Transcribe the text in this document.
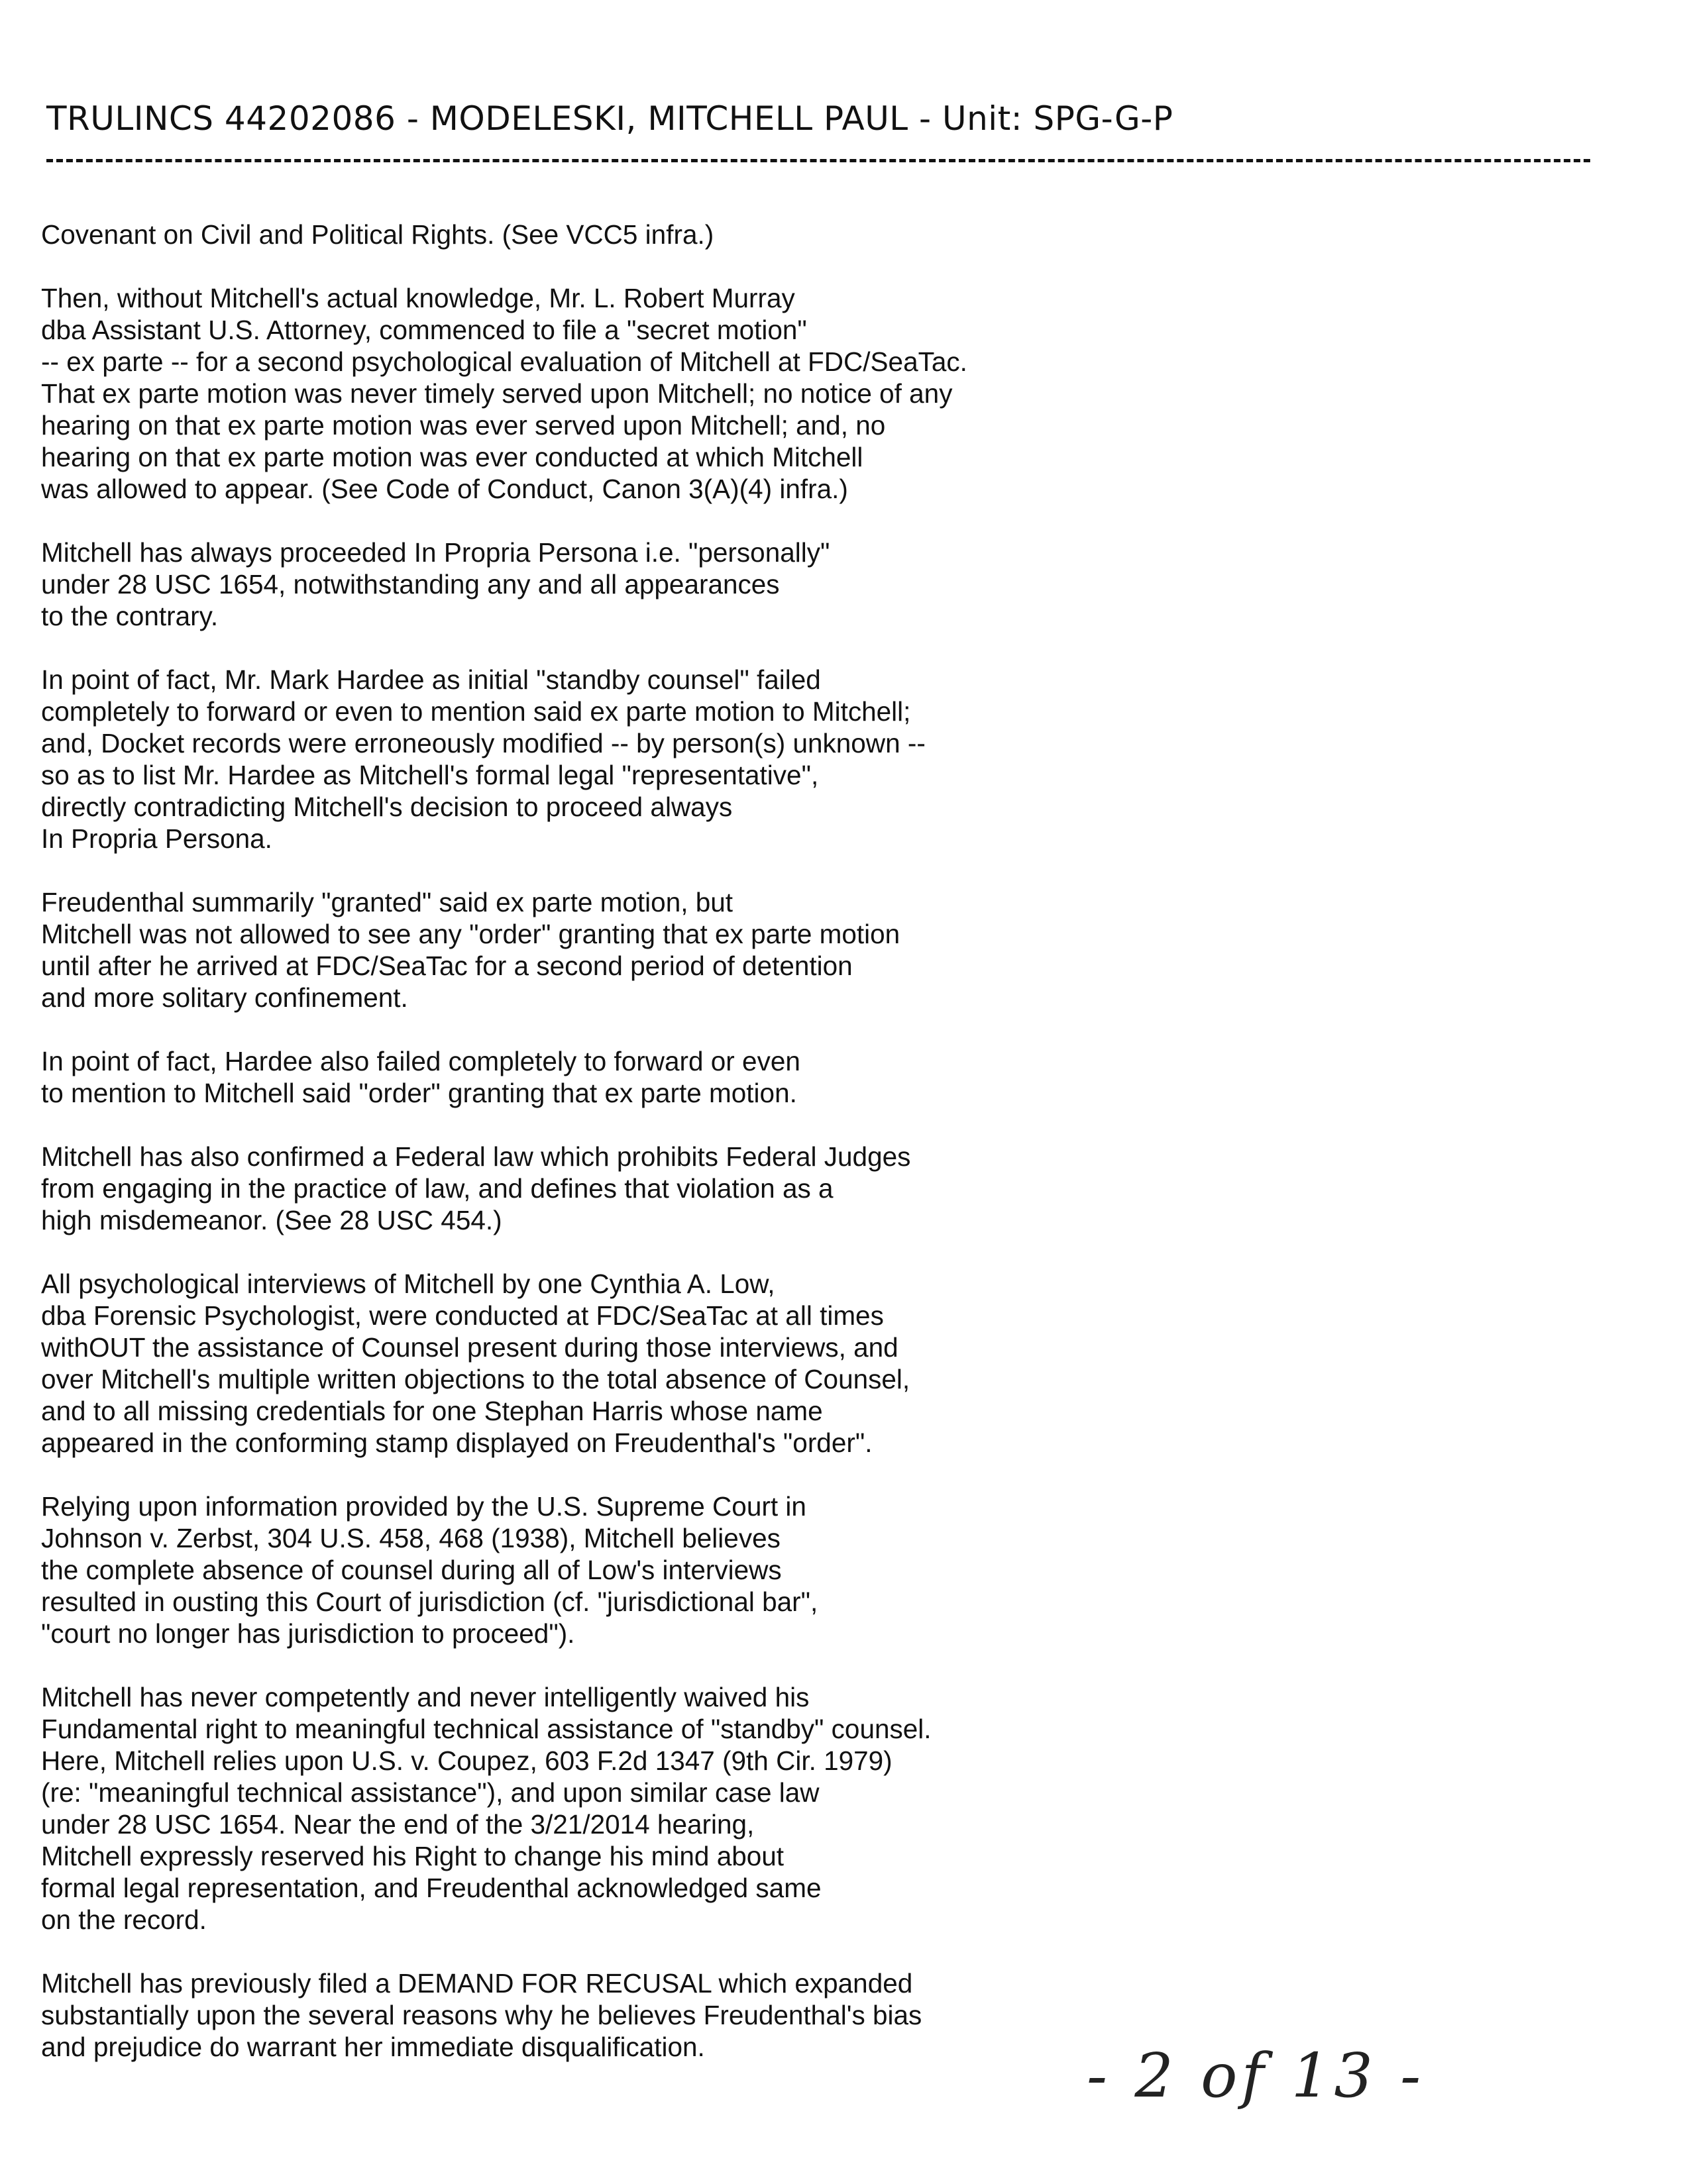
TRULINCS 44202086 - MODELESKI, MITCHELL PAUL - Unit: SPG-G-P
Covenant on Civil and Political Rights. (See VCC5 infra.)
Then, without Mitchell's actual knowledge, Mr. L. Robert Murray
dba Assistant U.S. Attorney, commenced to file a "secret motion"
-- ex parte -- for a second psychological evaluation of Mitchell at FDC/SeaTac.
That ex parte motion was never timely served upon Mitchell; no notice of any
hearing on that ex parte motion was ever served upon Mitchell; and, no
hearing on that ex parte motion was ever conducted at which Mitchell
was allowed to appear. (See Code of Conduct, Canon 3(A)(4) infra.)
Mitchell has always proceeded In Propria Persona i.e. "personally"
under 28 USC 1654, notwithstanding any and all appearances
to the contrary.
In point of fact, Mr. Mark Hardee as initial "standby counsel" failed
completely to forward or even to mention said ex parte motion to Mitchell;
and, Docket records were erroneously modified -- by person(s) unknown --
so as to list Mr. Hardee as Mitchell's formal legal "representative",
directly contradicting Mitchell's decision to proceed always
In Propria Persona.
Freudenthal summarily "granted" said ex parte motion, but
Mitchell was not allowed to see any "order" granting that ex parte motion
until after he arrived at FDC/SeaTac for a second period of detention
and more solitary confinement.
In point of fact, Hardee also failed completely to forward or even
to mention to Mitchell said "order" granting that ex parte motion.
Mitchell has also confirmed a Federal law which prohibits Federal Judges
from engaging in the practice of law, and defines that violation as a
high misdemeanor. (See 28 USC 454.)
All psychological interviews of Mitchell by one Cynthia A. Low,
dba Forensic Psychologist, were conducted at FDC/SeaTac at all times
withOUT the assistance of Counsel present during those interviews, and
over Mitchell's multiple written objections to the total absence of Counsel,
and to all missing credentials for one Stephan Harris whose name
appeared in the conforming stamp displayed on Freudenthal's "order".
Relying upon information provided by the U.S. Supreme Court in
Johnson v. Zerbst, 304 U.S. 458, 468 (1938), Mitchell believes
the complete absence of counsel during all of Low's interviews
resulted in ousting this Court of jurisdiction (cf. "jurisdictional bar",
"court no longer has jurisdiction to proceed").
Mitchell has never competently and never intelligently waived his
Fundamental right to meaningful technical assistance of "standby" counsel.
Here, Mitchell relies upon U.S. v. Coupez, 603 F.2d 1347 (9th Cir. 1979)
(re: "meaningful technical assistance"), and upon similar case law
under 28 USC 1654. Near the end of the 3/21/2014 hearing,
Mitchell expressly reserved his Right to change his mind about
formal legal representation, and Freudenthal acknowledged same
on the record.
Mitchell has previously filed a DEMAND FOR RECUSAL which expanded
substantially upon the several reasons why he believes Freudenthal's bias
and prejudice do warrant her immediate disqualification.	- 2 of 13 -
